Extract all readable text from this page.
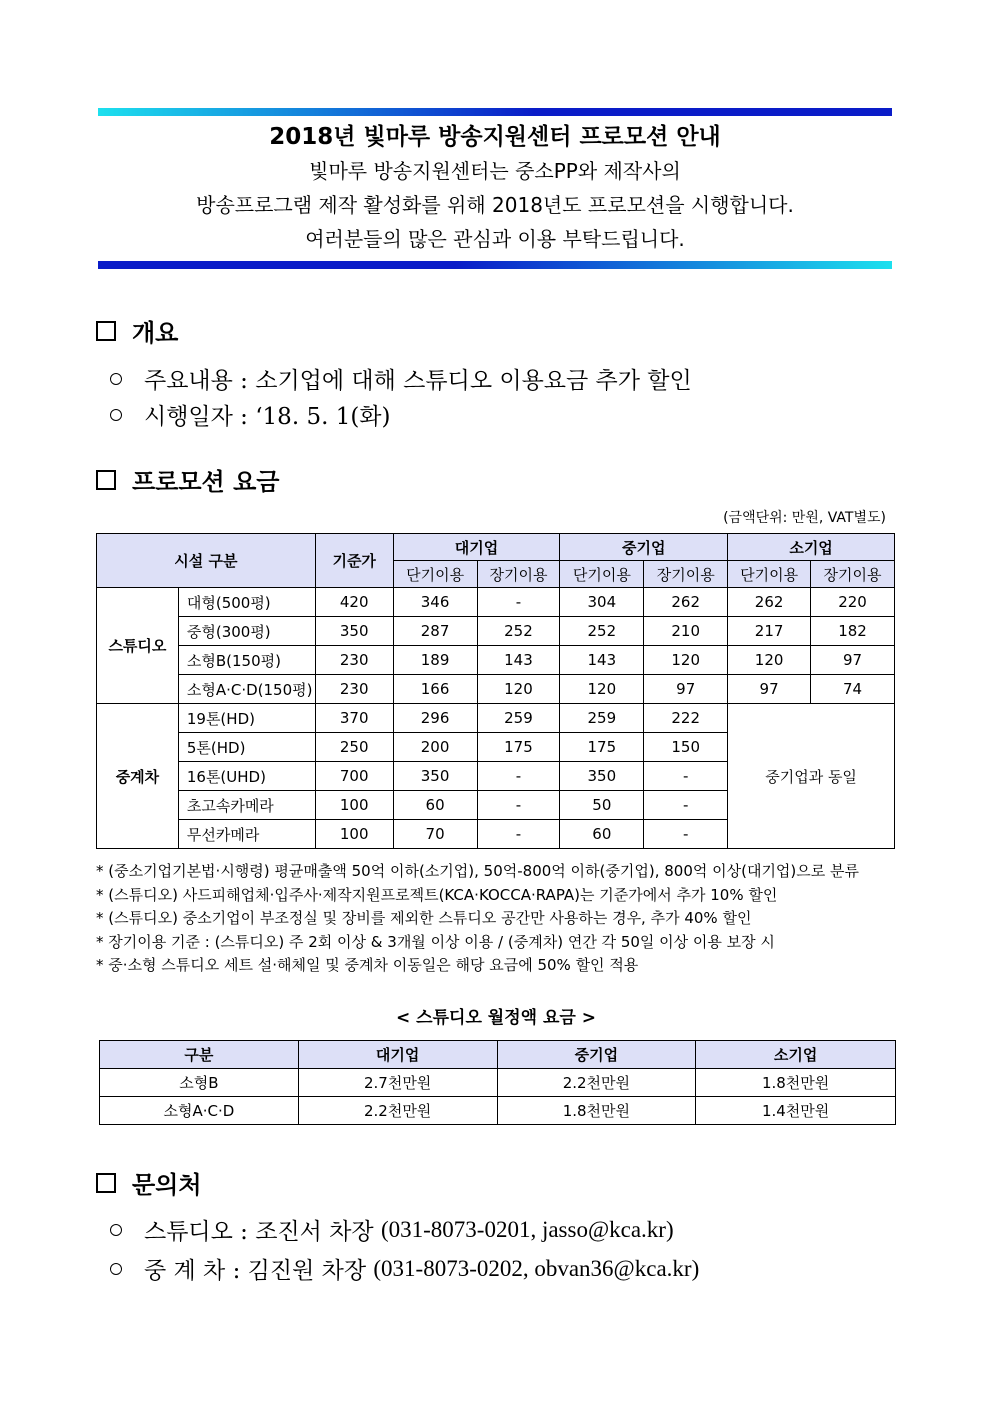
2018년 빛마루 방송지원센터 프로모션 안내
빛마루 방송지원센터는 중소PP와 제작사의
방송프로그램 제작 활성화를 위해 2018년도 프로모션을 시행합니다.
여러분들의 많은 관심과 이용 부탁드립니다.
개요
주요내용 : 소기업에 대해 스튜디오 이용요금 추가 할인
시행일자 : ‘18. 5. 1(화)
프로모션 요금
(금액단위: 만원, VAT별도)
시설 구분		기준가	대기업		중기업		소기업	
			단기이용	장기이용	단기이용	장기이용	단기이용	장기이용
스튜디오	대형(500평)	420	346	-	304	262	262	220
	중형(300평)	350	287	252	252	210	217	182
	소형B(150평)	230	189	143	143	120	120	97
	소형A·C·D(150평)	230	166	120	120	97	97	74
중계차	19톤(HD)	370	296	259	259	222	중기업과 동일	
	5톤(HD)	250	200	175	175	150		
	16톤(UHD)	700	350	-	350	-		
	초고속카메라	100	60	-	50	-		
	무선카메라	100	70	-	60	-		
* (중소기업기본법·시행령) 평균매출액 50억 이하(소기업), 50억-800억 이하(중기업), 800억 이상(대기업)으로 분류
* (스튜디오) 사드피해업체·입주사·제작지원프로젝트(KCA·KOCCA·RAPA)는 기준가에서 추가 10% 할인
* (스튜디오) 중소기업이 부조정실 및 장비를 제외한 스튜디오 공간만 사용하는 경우, 추가 40% 할인
* 장기이용 기준 : (스튜디오) 주 2회 이상 & 3개월 이상 이용 / (중계차) 연간 각 50일 이상 이용 보장 시
* 중·소형 스튜디오 세트 설·해체일 및 중계차 이동일은 해당 요금에 50% 할인 적용
< 스튜디오 월정액 요금 >
구분	대기업	중기업	소기업
소형B	2.7천만원	2.2천만원	1.8천만원
소형A·C·D	2.2천만원	1.8천만원	1.4천만원
문의처
스튜디오 : 조진서 차장
(031-8073-0201, jasso@kca.kr)
중 계 차 : 김진원 차장
(031-8073-0202, obvan36@kca.kr)
